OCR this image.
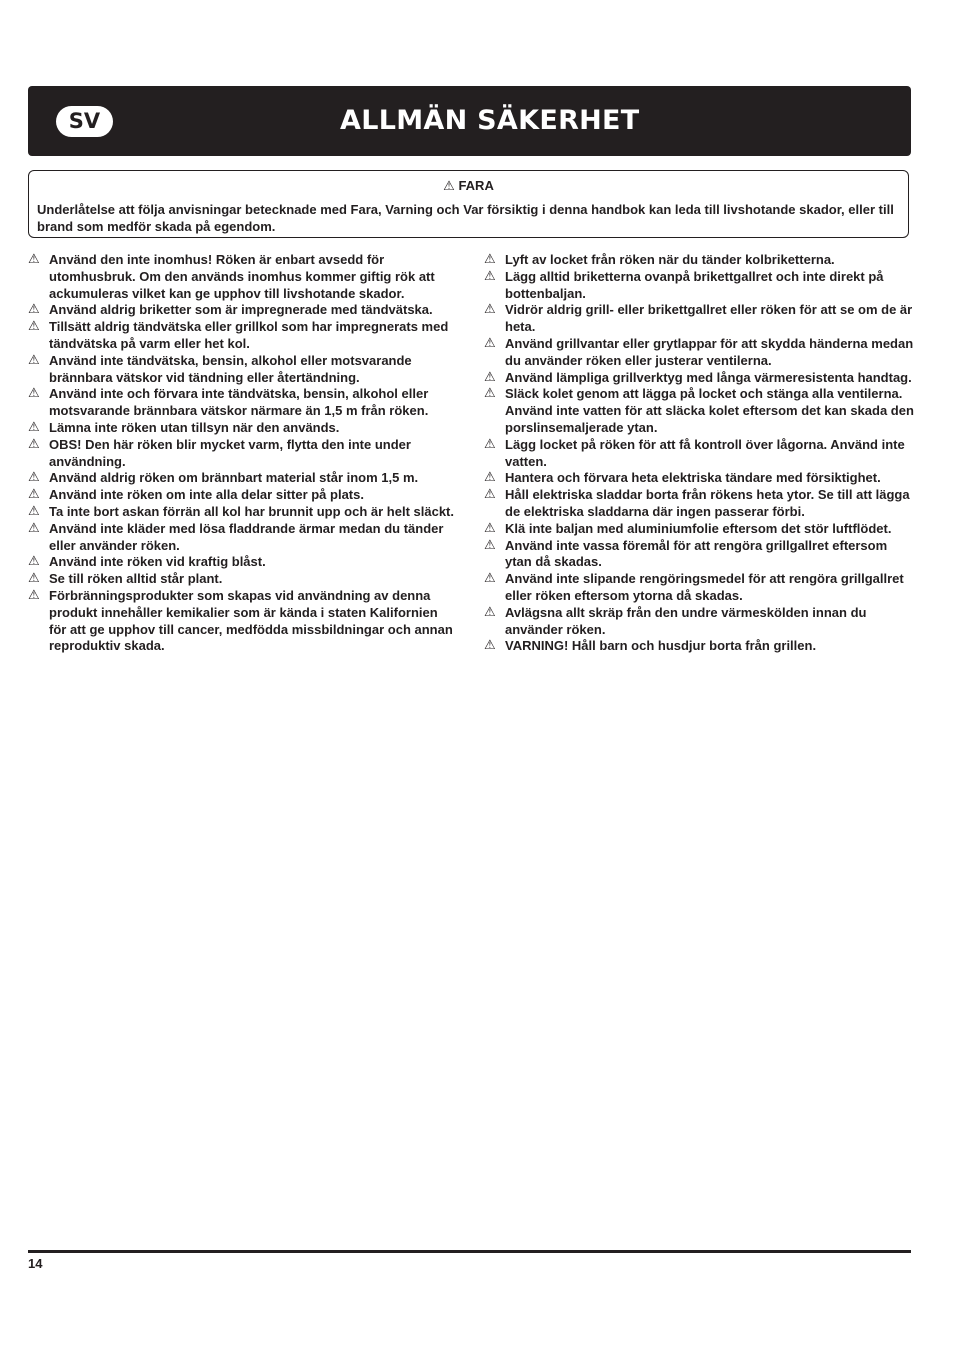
SV	ALLMÄN SÄKERHET
⚠ FARA
Underlåtelse att följa anvisningar betecknade med Fara, Varning och Var försiktig i denna handbok kan leda till livshotande skador, eller till brand som medför skada på egendom.
⚠ Använd den inte inomhus! Röken är enbart avsedd för utomhusbruk. Om den används inomhus kommer giftig rök att ackumuleras vilket kan ge upphov till livshotande skador.
⚠ Använd aldrig briketter som är impregnerade med tändvätska.
⚠ Tillsätt aldrig tändvätska eller grillkol som har impregnerats med tändvätska på varm eller het kol.
⚠ Använd inte tändvätska, bensin, alkohol eller motsvarande brännbara vätskor vid tändning eller återtändning.
⚠ Använd inte och förvara inte tändvätska, bensin, alkohol eller motsvarande brännbara vätskor närmare än 1,5 m från röken.
⚠ Lämna inte röken utan tillsyn när den används.
⚠ OBS! Den här röken blir mycket varm, flytta den inte under användning.
⚠ Använd aldrig röken om brännbart material står inom 1,5 m.
⚠ Använd inte röken om inte alla delar sitter på plats.
⚠ Ta inte bort askan förrän all kol har brunnit upp och är helt släckt.
⚠ Använd inte kläder med lösa fladdrande ärmar medan du tänder eller använder röken.
⚠ Använd inte röken vid kraftig blåst.
⚠ Se till röken alltid står plant.
⚠ Förbränningsprodukter som skapas vid användning av denna produkt innehåller kemikalier som är kända i staten Kalifornien för att ge upphov till cancer, medfödda missbildningar och annan reproduktiv skada.
⚠ Lyft av locket från röken när du tänder kolbriketterna.
⚠ Lägg alltid briketterna ovanpå brikettgallret och inte direkt på bottenbaljan.
⚠ Vidrör aldrig grill- eller brikettgallret eller röken för att se om de är heta.
⚠ Använd grillvantar eller grytlappar för att skydda händerna medan du använder röken eller justerar ventilerna.
⚠ Använd lämpliga grillverktyg med långa värmeresistenta handtag.
⚠ Släck kolet genom att lägga på locket och stänga alla ventilerna. Använd inte vatten för att släcka kolet eftersom det kan skada den porslinsemaljerade ytan.
⚠ Lägg locket på röken för att få kontroll över lågorna. Använd inte vatten.
⚠ Hantera och förvara heta elektriska tändare med försiktighet.
⚠ Håll elektriska sladdar borta från rökens heta ytor. Se till att lägga de elektriska sladdarna där ingen passerar förbi.
⚠ Klä inte baljan med aluminiumfolie eftersom det stör luftflödet.
⚠ Använd inte vassa föremål för att rengöra grillgallret eftersom ytan då skadas.
⚠ Använd inte slipande rengöringsmedel för att rengöra grillgallret eller röken eftersom ytorna då skadas.
⚠ Avlägsna allt skräp från den undre värmeskölden innan du använder röken.
⚠ VARNING! Håll barn och husdjur borta från grillen.
14
